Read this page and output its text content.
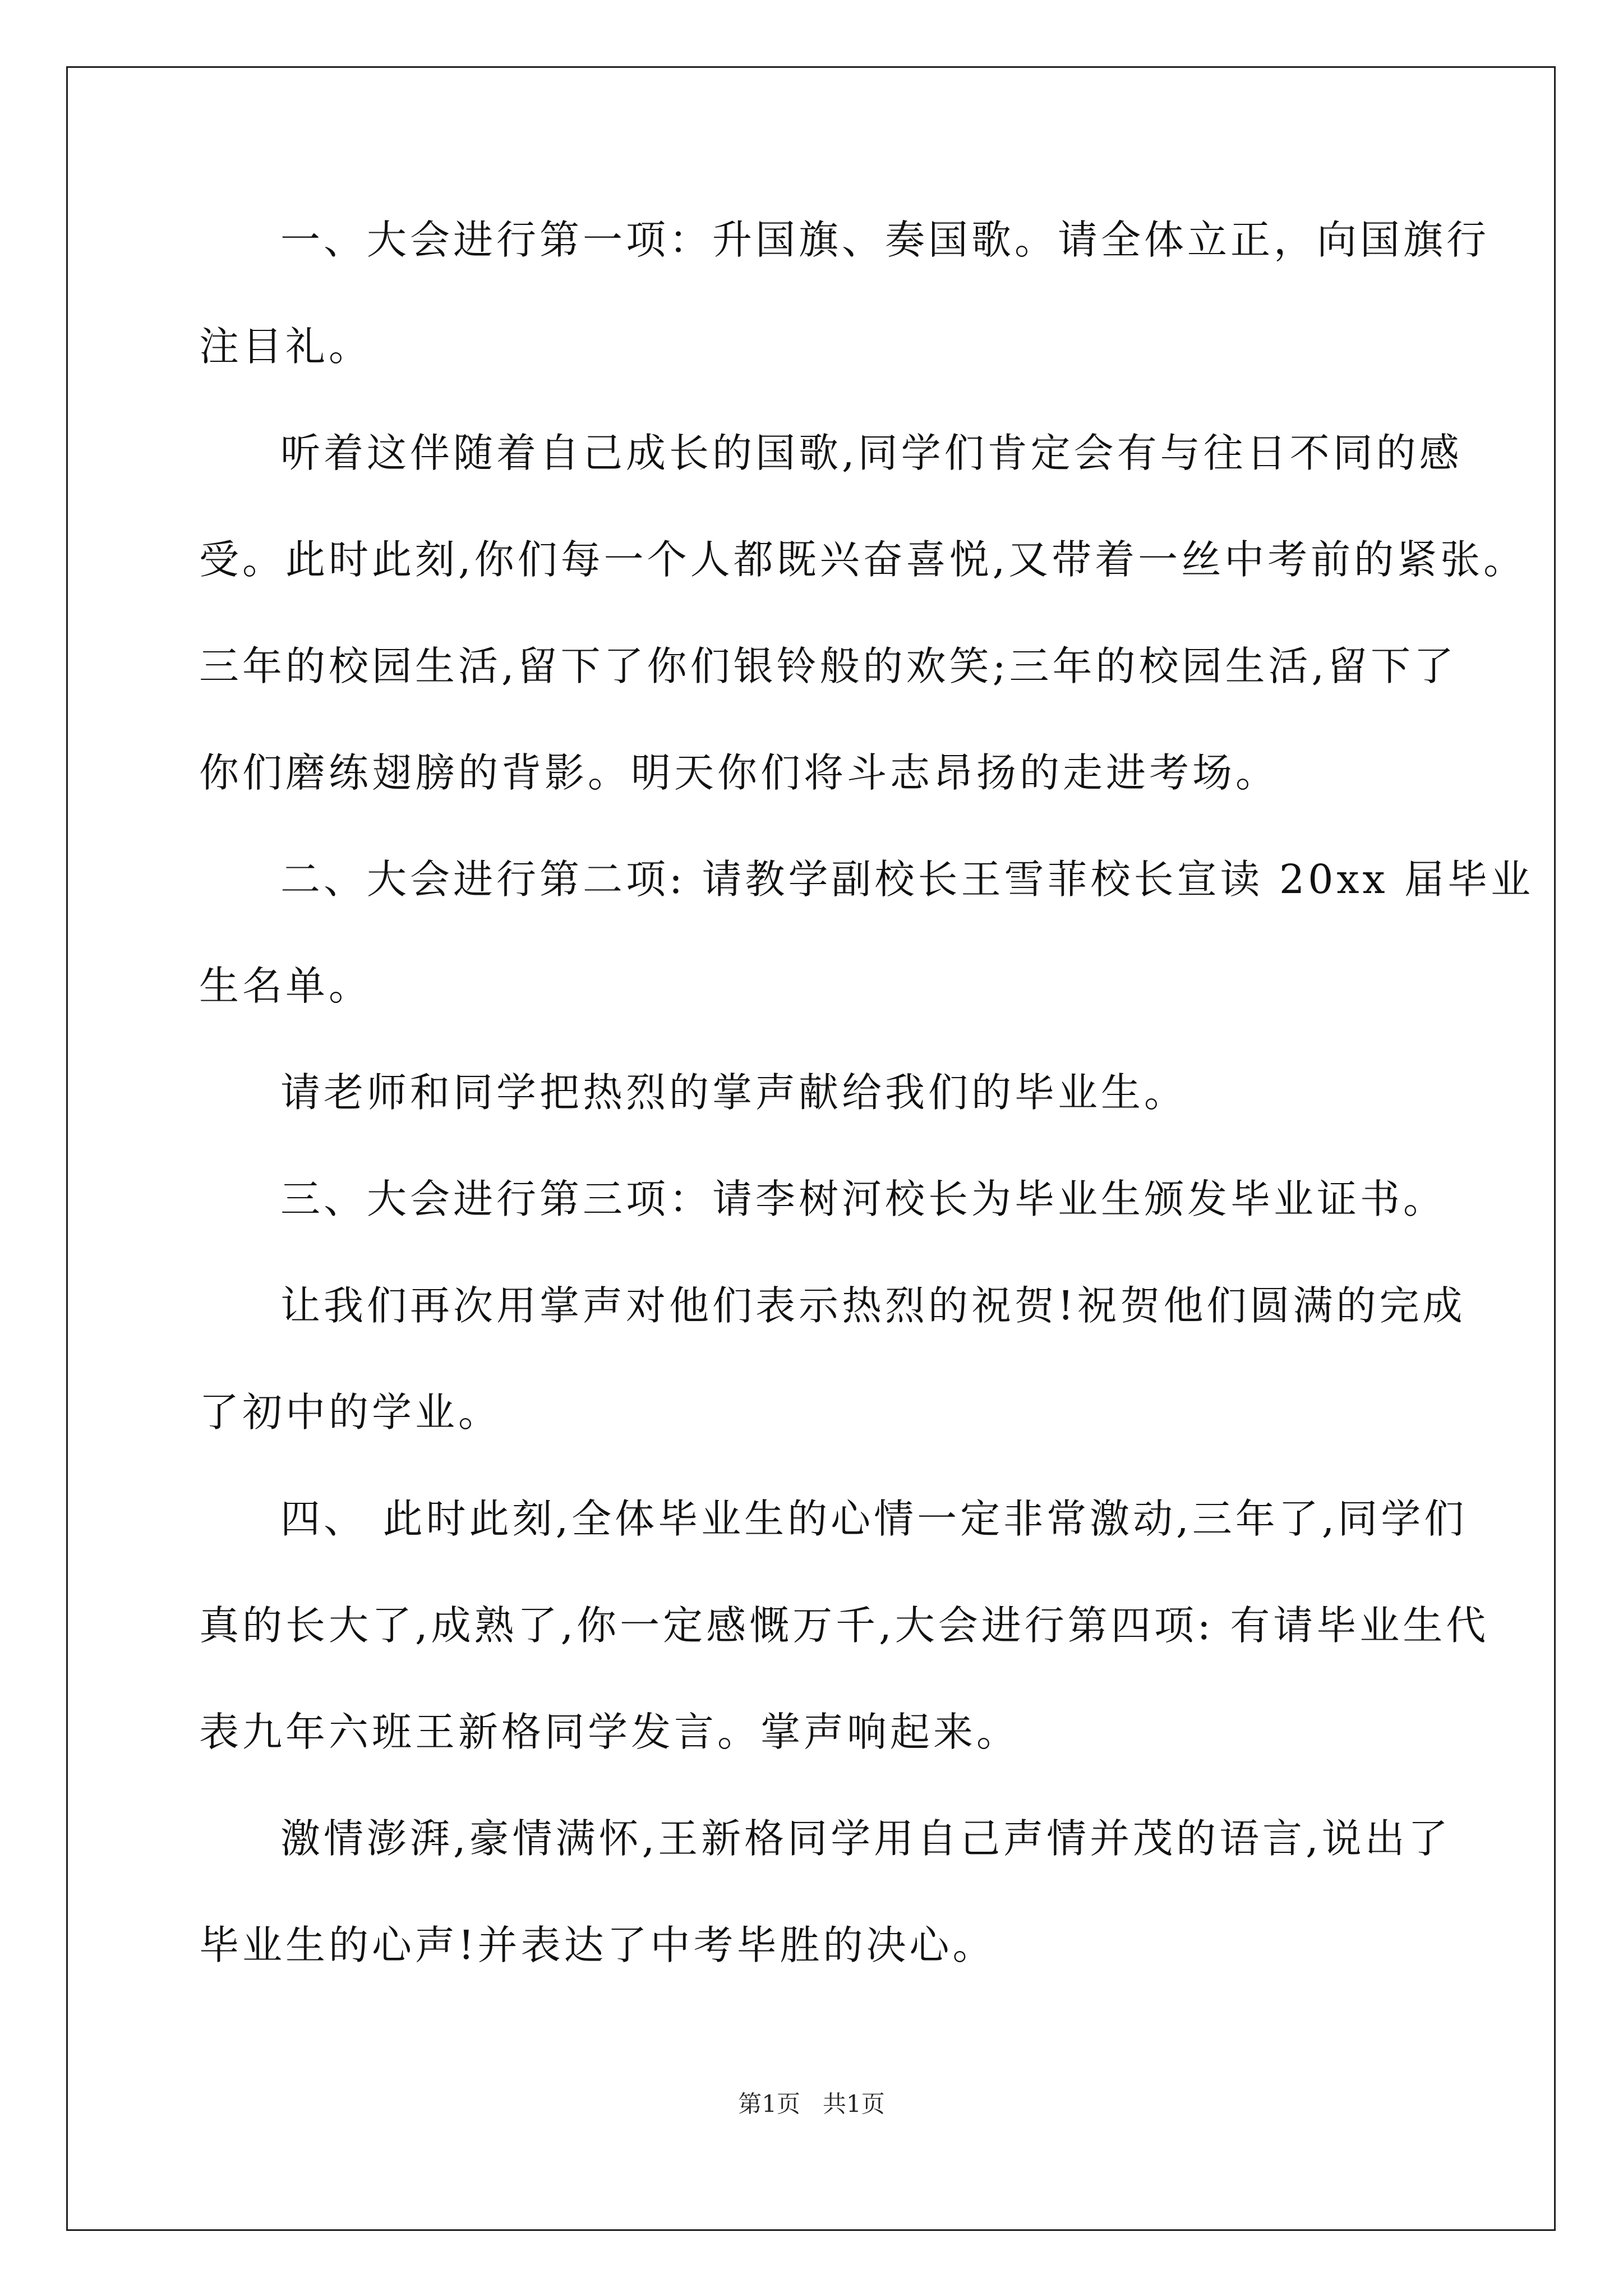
一、大会进行第一项：升国旗、奏国歌。请全体立正，向国旗行
注目礼。
听着这伴随着自己成长的国歌,同学们肯定会有与往日不同的感
受。此时此刻,你们每一个人都既兴奋喜悦,又带着一丝中考前的紧张。
三年的校园生活,留下了你们银铃般的欢笑;三年的校园生活,留下了
你们磨练翅膀的背影。明天你们将斗志昂扬的走进考场。
二、大会进行第二项: 请教学副校长王雪菲校长宣读 20xx 届毕业
生名单。
请老师和同学把热烈的掌声献给我们的毕业生。
三、大会进行第三项：请李树河校长为毕业生颁发毕业证书。
让我们再次用掌声对他们表示热烈的祝贺!祝贺他们圆满的完成
了初中的学业。
四、 此时此刻,全体毕业生的心情一定非常激动,三年了,同学们
真的长大了,成熟了,你一定感慨万千,大会进行第四项: 有请毕业生代
表九年六班王新格同学发言。掌声响起来。
激情澎湃,豪情满怀,王新格同学用自己声情并茂的语言,说出了
毕业生的心声!并表达了中考毕胜的决心。
第1页 共1页
